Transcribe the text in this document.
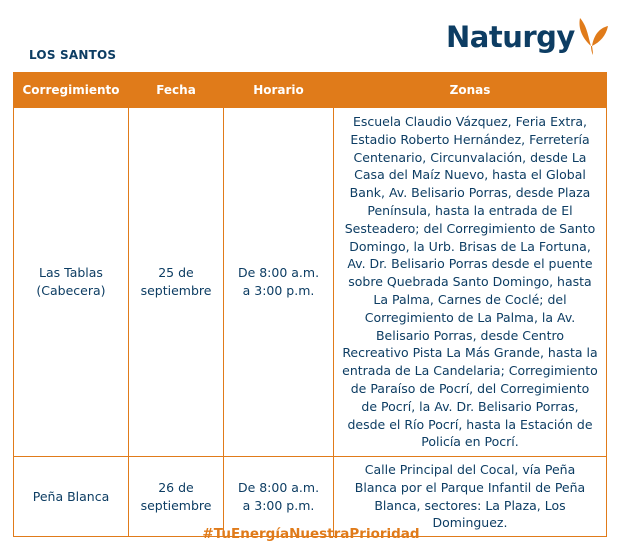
LOS SANTOS
Naturgy
Corregimiento	Fecha	Horario	Zonas
Las Tablas (Cabecera)	25 de septiembre	De 8:00 a.m. a 3:00 p.m.	Escuela Claudio Vázquez, Feria Extra, Estadio Roberto Hernández, Ferretería Centenario, Circunvalación, desde La Casa del Maíz Nuevo, hasta el Global Bank, Av. Belisario Porras, desde Plaza Península, hasta la entrada de El Sesteadero; del Corregimiento de Santo Domingo, la Urb. Brisas de La Fortuna, Av. Dr. Belisario Porras desde el puente sobre Quebrada Santo Domingo, hasta La Palma, Carnes de Coclé; del Corregimiento de La Palma, la Av. Belisario Porras, desde Centro Recreativo Pista La Más Grande, hasta la entrada de La Candelaria; Corregimiento de Paraíso de Pocrí, del Corregimiento de Pocrí, la Av. Dr. Belisario Porras, desde el Río Pocrí, hasta la Estación de Policía en Pocrí.
Peña Blanca	26 de septiembre	De 8:00 a.m. a 3:00 p.m.	Calle Principal del Cocal, vía Peña Blanca por el Parque Infantil de Peña Blanca, sectores: La Plaza, Los Dominguez.
#TuEnergíaNuestraPrioridad
